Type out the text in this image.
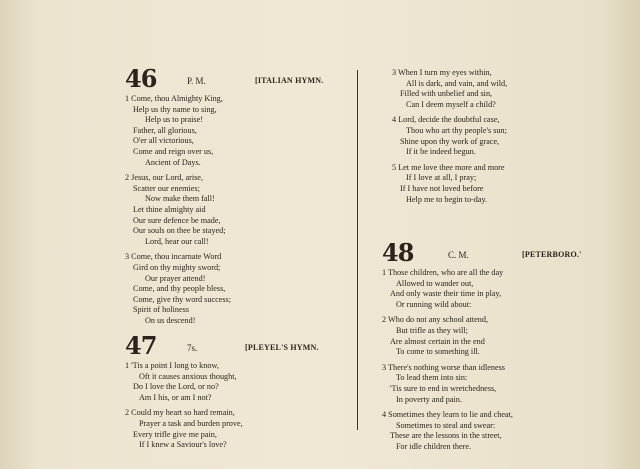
46	P. M.	[ITALIAN HYMN.
1 Come, thou Almighty King,
Help us thy name to sing,
Help us to praise!
Father, all glorious,
O'er all victorious,
Come and reign over us,
Ancient of Days.
2 Jesus, our Lord, arise,
Scatter our enemies;
Now make them fall!
Let thine almighty aid
Our sure defence be made,
Our souls on thee be stayed;
Lord, hear our call!
3 Come, thou incarnate Word
Gird on thy mighty sword;
Our prayer attend!
Come, and thy people bless,
Come, give thy word success;
Spirit of holiness
On us descend!
47	7s.	[PLEYEL'S HYMN.
1 'Tis a point I long to know,
Oft it causes anxious thought,
Do I love the Lord, or no?
Am I his, or am I not?
2 Could my heart so hard remain,
Prayer a task and burden prove,
Every trifle give me pain,
If I knew a Saviour's love?
3 When I turn my eyes within,
All is dark, and vain, and wild,
Filled with unbelief and sin,
Can I deem myself a child?
4 Lord, decide the doubtful case,
Thou who art thy people's sun;
Shine upon thy work of grace,
If it be indeed begun.
5 Let me love thee more and more
If I love at all, I pray;
If I have not loved before
Help me to begin to-day.
48	C. M.	[PETERBORO.'
1 Those children, who are all the day
Allowed to wander out,
And only waste their time in play,
Or running wild about:
2 Who do not any school attend,
But trifle as they will;
Are almost certain in the end
To come to something ill.
3 There's nothing worse than idleness
To lead them into sin:
'Tis sure to end in wretchedness,
In poverty and pain.
4 Sometimes they learn to lie and cheat,
Sometimes to steal and swear:
These are the lessons in the street,
For idle children there.
